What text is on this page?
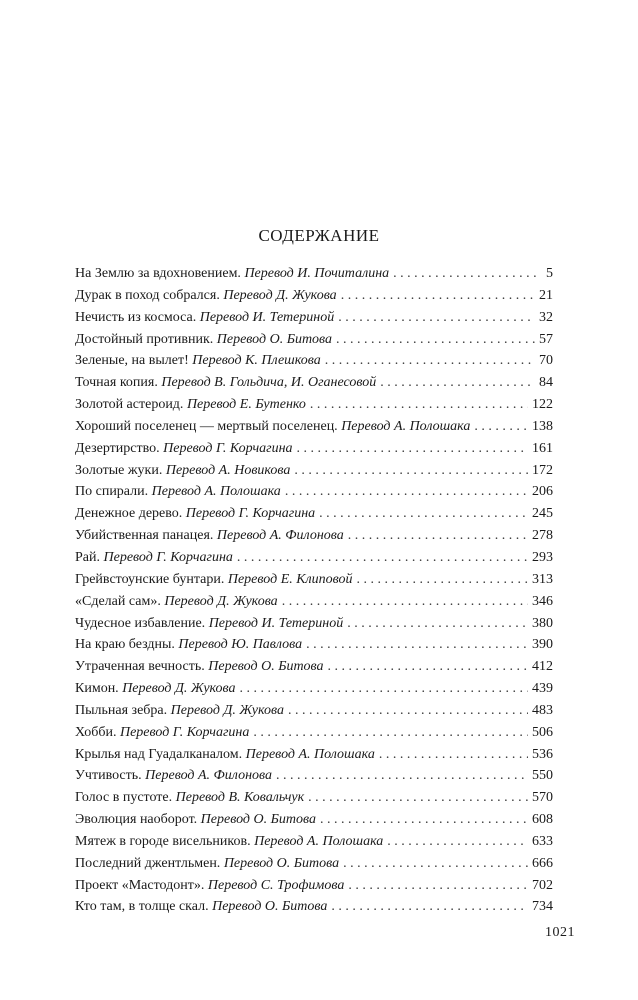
СОДЕРЖАНИЕ
На Землю за вдохновением. Перевод И. Почиталина . . .	5
Дурак в поход собрался. Перевод Д. Жукова . . .	21
Нечисть из космоса. Перевод И. Тетериной . . .	32
Достойный противник. Перевод О. Битова . . .	57
Зеленые, на вылет! Перевод К. Плешкова . . .	70
Точная копия. Перевод В. Гольдича, И. Оганесовой . . .	84
Золотой астероид. Перевод Е. Бутенко . . .	122
Хороший поселенец — мертвый поселенец. Перевод А. Полошака . . .	138
Дезертирство. Перевод Г. Корчагина . . .	161
Золотые жуки. Перевод А. Новикова . . .	172
По спирали. Перевод А. Полошака . . .	206
Денежное дерево. Перевод Г. Корчагина . . .	245
Убийственная панацея. Перевод А. Филонова . . .	278
Рай. Перевод Г. Корчагина . . .	293
Грейвстоунские бунтари. Перевод Е. Клиповой . . .	313
«Сделай сам». Перевод Д. Жукова . . .	346
Чудесное избавление. Перевод И. Тетериной . . .	380
На краю бездны. Перевод Ю. Павлова . . .	390
Утраченная вечность. Перевод О. Битова . . .	412
Кимон. Перевод Д. Жукова . . .	439
Пыльная зебра. Перевод Д. Жукова . . .	483
Хобби. Перевод Г. Корчагина . . .	506
Крылья над Гуадалканалом. Перевод А. Полошака . . .	536
Учтивость. Перевод А. Филонова . . .	550
Голос в пустоте. Перевод В. Ковальчук . . .	570
Эволюция наоборот. Перевод О. Битова . . .	608
Мятеж в городе висельников. Перевод А. Полошака . . .	633
Последний джентльмен. Перевод О. Битова . . .	666
Проект «Мастодонт». Перевод С. Трофимова . . .	702
Кто там, в толще скал. Перевод О. Битова . . .	734
1021
